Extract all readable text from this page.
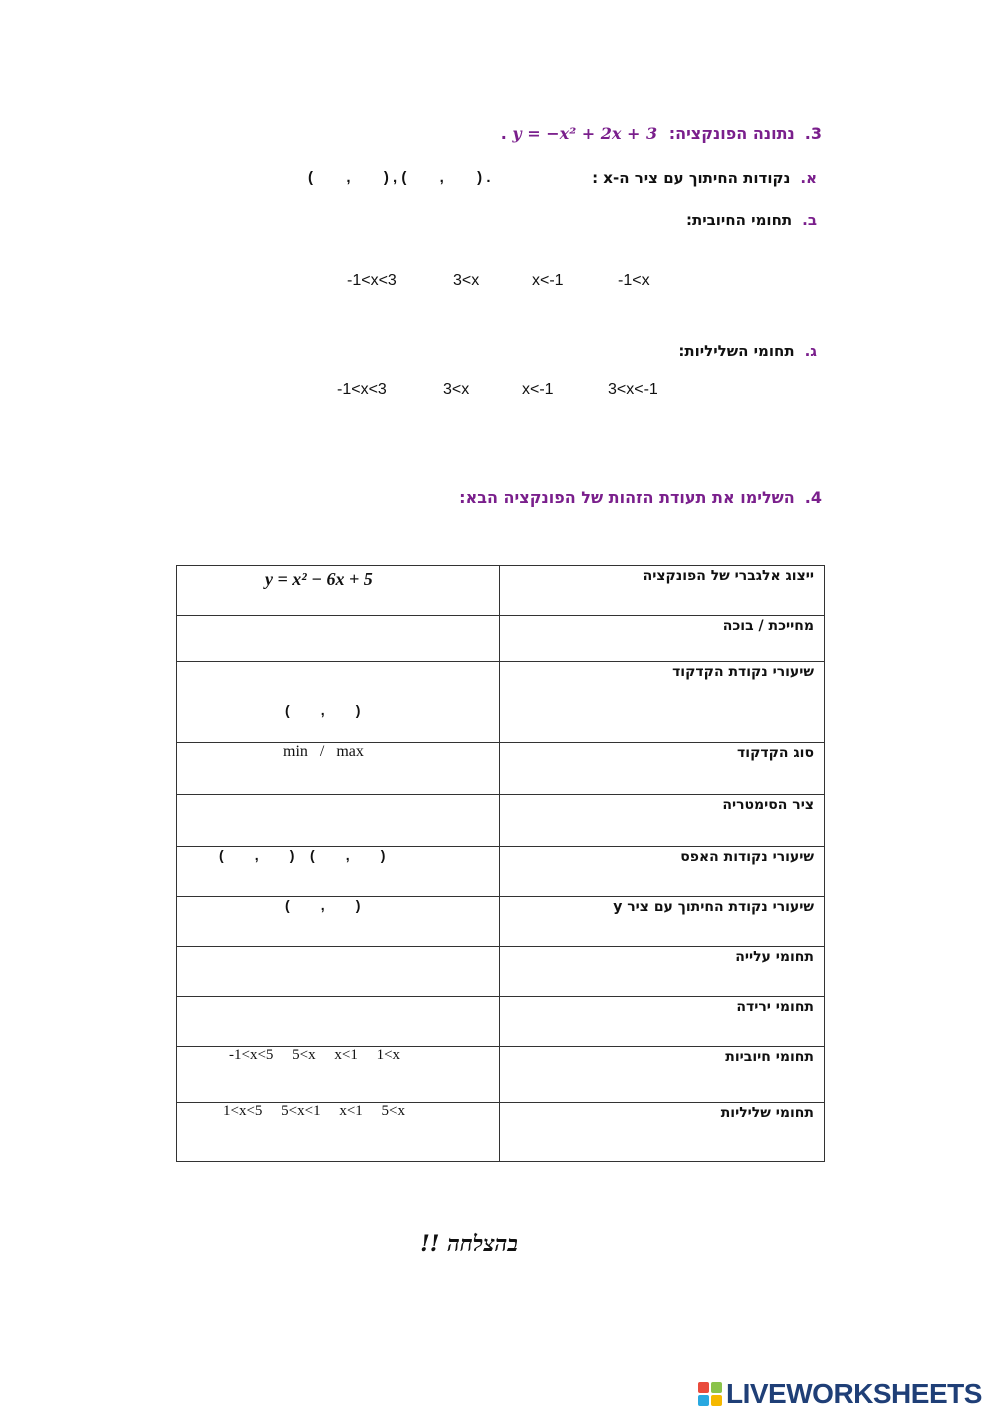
3.נתונה הפונקציה: y = −x² + 2x + 3 .
א.נקודות החיתוך עם ציר ה-x :
(        ,        ) , (        ,        ) .
ב.תחומי החיובית:
-1<x
x<-1
3<x
-1<x<3
ג.תחומי השליליות:
3<x<-1
x<-1
3<x
-1<x<3
4.השלימו את תעודת הזהות של הפונקציה הבא:
y = x² − 6x + 5	ייצוג אלגברי של הפונקציה

	מחייכת / בוכה

(        ,        )	שיעורי נקודת הקדקוד

min   /   max	סוג הקדקוד

	ציר הסימטריה

(        ,        )    (        ,        )	שיעורי נקודות האפס

(        ,        )	שיעורי נקודת החיתוך עם ציר y

	תחומי עלייה

	תחומי ירידה

-1<x<5     5<x     x<1     1<x	תחומי חיוביות

1<x<5     5<x<1     x<1     5<x	תחומי שליליות
בהצלחה !!
LIVEWORKSHEETS
